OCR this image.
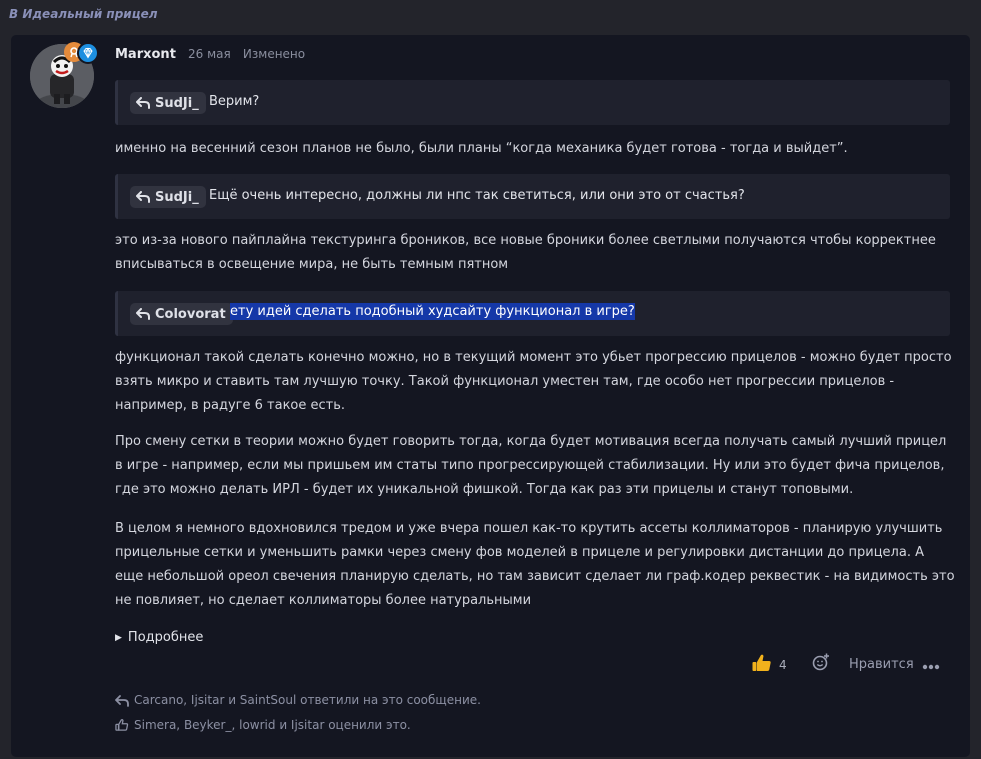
В Идеальный прицел
Marxont 26 мая Изменено
SudJi_ Верим?
именно на весенний сезон планов не было, были планы “когда механика будет готова - тогда и выйдет”.
SudJi_ Ещё очень интересно, должны ли нпс так светиться, или они это от счастья?
это из-за нового пайплайна текстуринга броников, все новые броники более светлыми получаются чтобы корректнее вписываться в освещение мира, не быть темным пятном
Colovorat ету идей сделать подобный худсайту функционал в игре?
функционал такой сделать конечно можно, но в текущий момент это убьет прогрессию прицелов - можно будет просто взять микро и ставить там лучшую точку. Такой функционал уместен там, где особо нет прогрессии прицелов - например, в радуге 6 такое есть.
Про смену сетки в теории можно будет говорить тогда, когда будет мотивация всегда получать самый лучший прицел в игре - например, если мы пришьем им статы типо прогрессирующей стабилизации. Ну или это будет фича прицелов, где это можно делать ИРЛ - будет их уникальной фишкой. Тогда как раз эти прицелы и станут топовыми.
В целом я немного вдохновился тредом и уже вчера пошел как-то крутить ассеты коллиматоров - планирую улучшить прицельные сетки и уменьшить рамки через смену фов моделей в прицеле и регулировки дистанции до прицела. А еще небольшой ореол свечения планирую сделать, но там зависит сделает ли граф.кодер реквестик - на видимость это не повлияет, но сделает коллиматоры более натуральными
▶ Подробнее
4	Нравится
Carcano, Ijsitar и SaintSoul ответили на это сообщение.
Simera, Beyker_, lowrid и Ijsitar оценили это.
